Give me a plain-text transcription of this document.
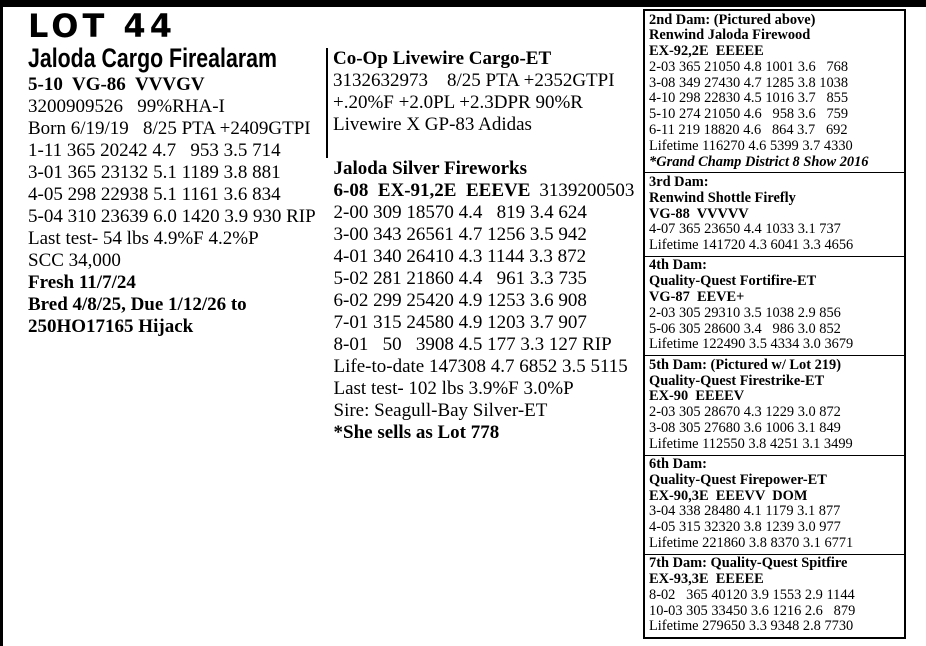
LOT 44
Jaloda Cargo Firealaram
5-10  VG-86  VVVGV
3200909526   99%RHA-I
Born 6/19/19   8/25 PTA +2409GTPI
1-11 365 20242 4.7   953 3.5 714
3-01 365 23132 5.1 1189 3.8 881
4-05 298 22938 5.1 1161 3.6 834
5-04 310 23639 6.0 1420 3.9 930 RIP
Last test- 54 lbs 4.9%F 4.2%P
SCC 34,000
Fresh 11/7/24
Bred 4/8/25, Due 1/12/26 to
250HO17165 Hijack
Co-Op Livewire Cargo-ET
3132632973    8/25 PTA +2352GTPI
+.20%F +2.0PL +2.3DPR 90%R
Livewire X GP-83 Adidas
Jaloda Silver Fireworks
6-08  EX-91,2E  EEEVE 3139200503
2-00 309 18570 4.4   819 3.4 624
3-00 343 26561 4.7 1256 3.5 942
4-01 340 26410 4.3 1144 3.3 872
5-02 281 21860 4.4   961 3.3 735
6-02 299 25420 4.9 1253 3.6 908
7-01 315 24580 4.9 1203 3.7 907
8-01   50   3908 4.5 177 3.3 127 RIP
Life-to-date 147308 4.7 6852 3.5 5115
Last test- 102 lbs 3.9%F 3.0%P
Sire: Seagull-Bay Silver-ET
*She sells as Lot 778
2nd Dam: (Pictured above)
Renwind Jaloda Firewood
EX-92,2E  EEEEE
2-03 365 21050 4.8 1001 3.6   768
3-08 349 27430 4.7 1285 3.8 1038
4-10 298 22830 4.5 1016 3.7   855
5-10 274 21050 4.6   958 3.6   759
6-11 219 18820 4.6   864 3.7   692
Lifetime 116270 4.6 5399 3.7 4330
*Grand Champ District 8 Show 2016
3rd Dam:
Renwind Shottle Firefly
VG-88  VVVVV
4-07 365 23650 4.4 1033 3.1 737
Lifetime 141720 4.3 6041 3.3 4656
4th Dam:
Quality-Quest Fortifire-ET
VG-87  EEVE+
2-03 305 29310 3.5 1038 2.9 856
5-06 305 28600 3.4   986 3.0 852
Lifetime 122490 3.5 4334 3.0 3679
5th Dam: (Pictured w/ Lot 219)
Quality-Quest Firestrike-ET
EX-90  EEEEV
2-03 305 28670 4.3 1229 3.0 872
3-08 305 27680 3.6 1006 3.1 849
Lifetime 112550 3.8 4251 3.1 3499
6th Dam:
Quality-Quest Firepower-ET
EX-90,3E  EEEVV  DOM
3-04 338 28480 4.1 1179 3.1 877
4-05 315 32320 3.8 1239 3.0 977
Lifetime 221860 3.8 8370 3.1 6771
7th Dam: Quality-Quest Spitfire
EX-93,3E  EEEEE
8-02   365 40120 3.9 1553 2.9 1144
10-03 305 33450 3.6 1216 2.6   879
Lifetime 279650 3.3 9348 2.8 7730
